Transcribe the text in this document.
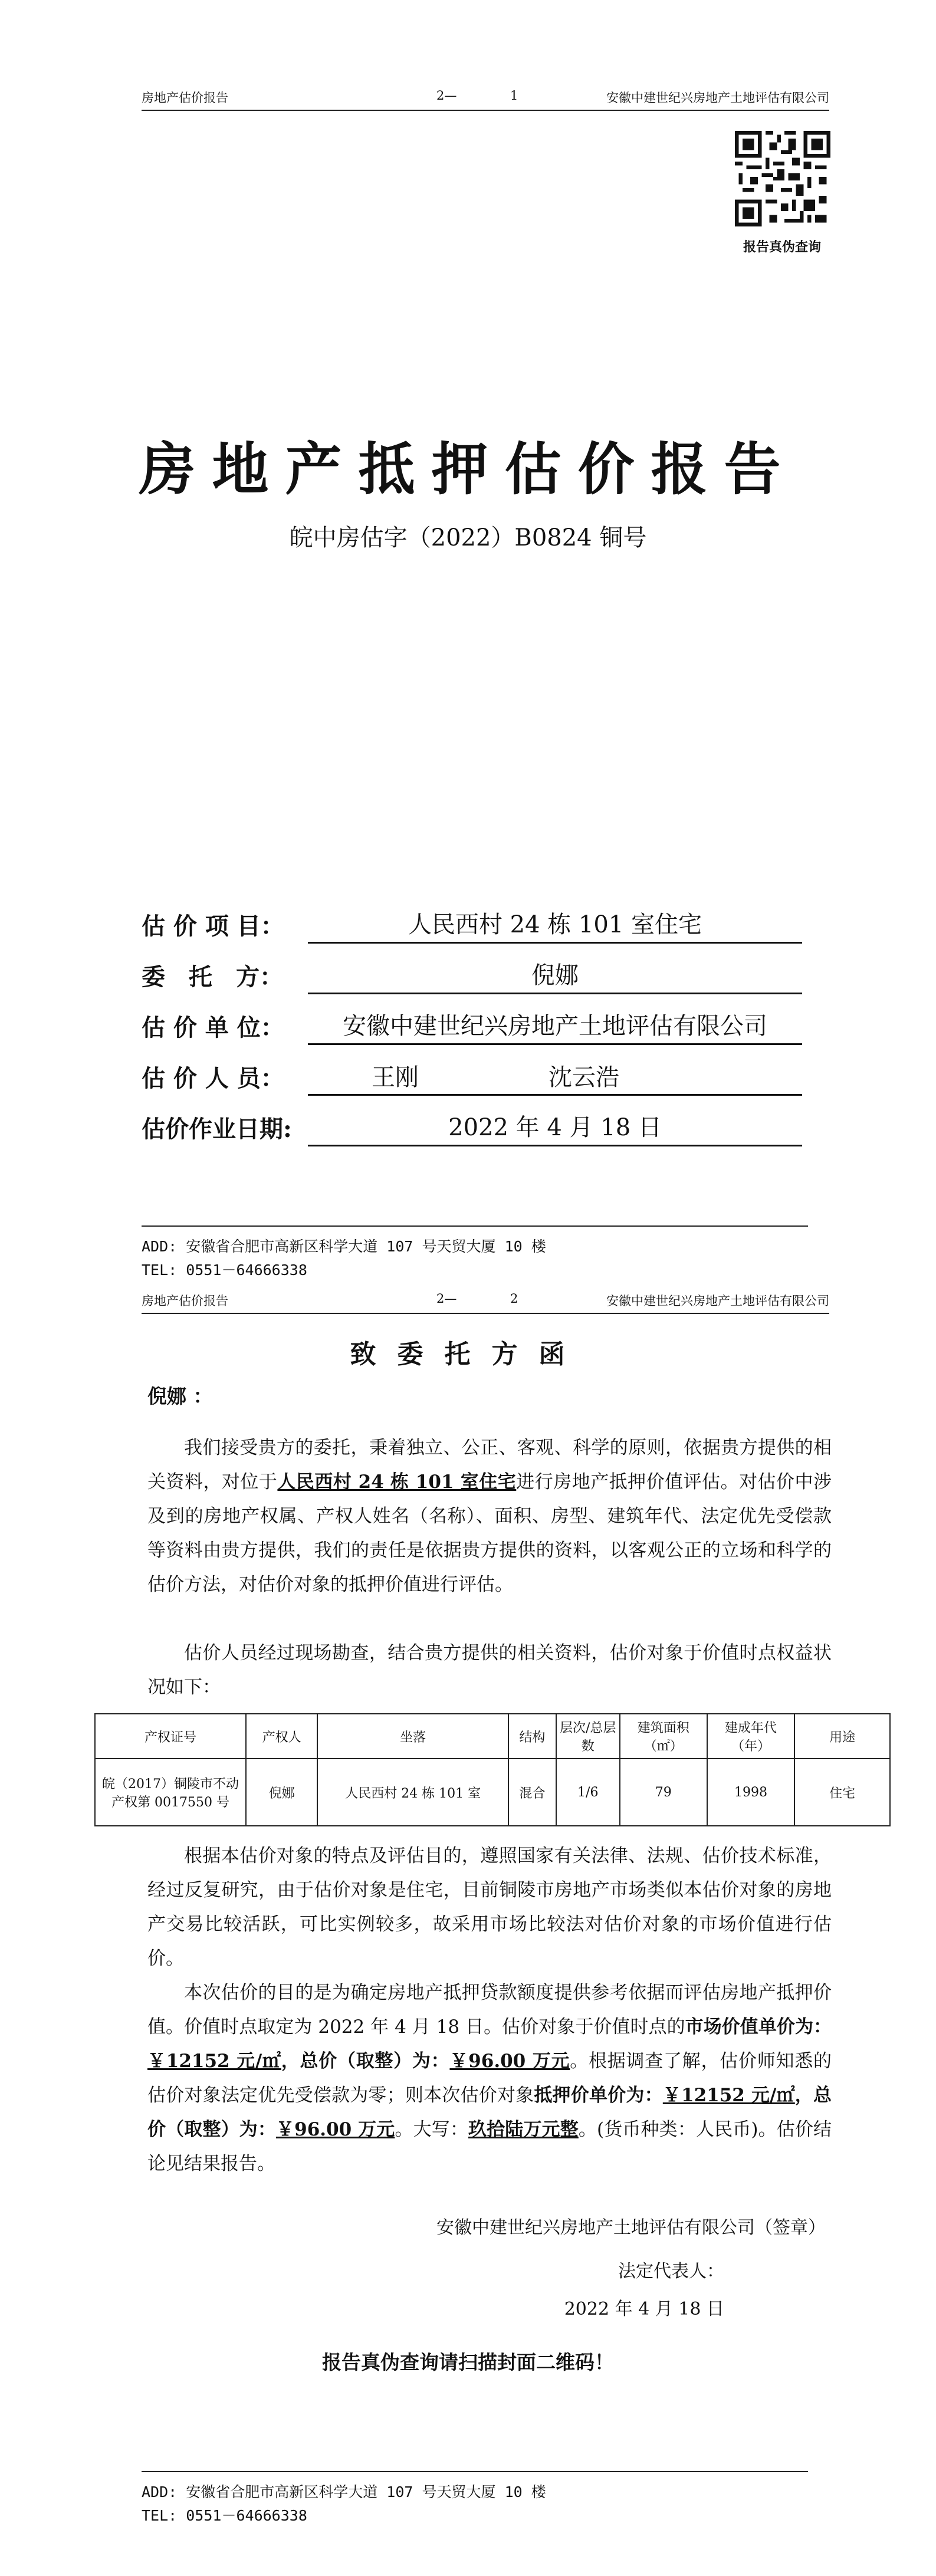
房地产估价报告	2—	1	安徽中建世纪兴房地产土地评估有限公司
报告真伪查询
房地产抵押估价报告
皖中房估字（2022）B0824 铜号
估 价 项 目：	人民西村 24 栋 101 室住宅
委　托　方：	倪娜
估 价 单 位：	安徽中建世纪兴房地产土地评估有限公司
估 价 人 员：	王刚	沈云浩
估价作业日期:	2022 年 4 月 18 日
ADD: 安徽省合肥市高新区科学大道 107 号天贸大厦 10 楼
TEL: 0551－64666338
房地产估价报告	2—	2	安徽中建世纪兴房地产土地评估有限公司
致委托方函
倪娜 ：

我们接受贵方的委托，秉着独立、公正、客观、科学的原则，依据贵方提供的相关资料，对位于人民西村 24 栋 101 室住宅进行房地产抵押价值评估。对估价中涉及到的房地产权属、产权人姓名（名称）、面积、房型、建筑年代、法定优先受偿款等资料由贵方提供，我们的责任是依据贵方提供的资料，以客观公正的立场和科学的估价方法，对估价对象的抵押价值进行评估。

估价人员经过现场勘查，结合贵方提供的相关资料，估价对象于价值时点权益状况如下：

产权证号	产权人	坐落	结构	层次/总层数	建筑面积（㎡）	建成年代（年）	用途
皖（2017）铜陵市不动产权第 0017550 号	倪娜	人民西村 24 栋 101 室	混合	1/6	79	1998	住宅

根据本估价对象的特点及评估目的，遵照国家有关法律、法规、估价技术标准，经过反复研究，由于估价对象是住宅，目前铜陵市房地产市场类似本估价对象的房地产交易比较活跃，可比实例较多，故采用市场比较法对估价对象的市场价值进行估价。

本次估价的目的是为确定房地产抵押贷款额度提供参考依据而评估房地产抵押价值。价值时点取定为 2022 年 4 月 18 日。估价对象于价值时点的市场价值单价为：￥12152 元/㎡，总价（取整）为：￥96.00 万元。根据调查了解，估价师知悉的估价对象法定优先受偿款为零；则本次估价对象抵押价单价为：￥12152 元/㎡，总价（取整）为：￥96.00 万元。大写：玖拾陆万元整。(货币种类：人民币)。估价结论见结果报告。

安徽中建世纪兴房地产土地评估有限公司（签章）
法定代表人：
2022 年 4 月 18 日
报告真伪查询请扫描封面二维码！
ADD: 安徽省合肥市高新区科学大道 107 号天贸大厦 10 楼
TEL: 0551－64666338
